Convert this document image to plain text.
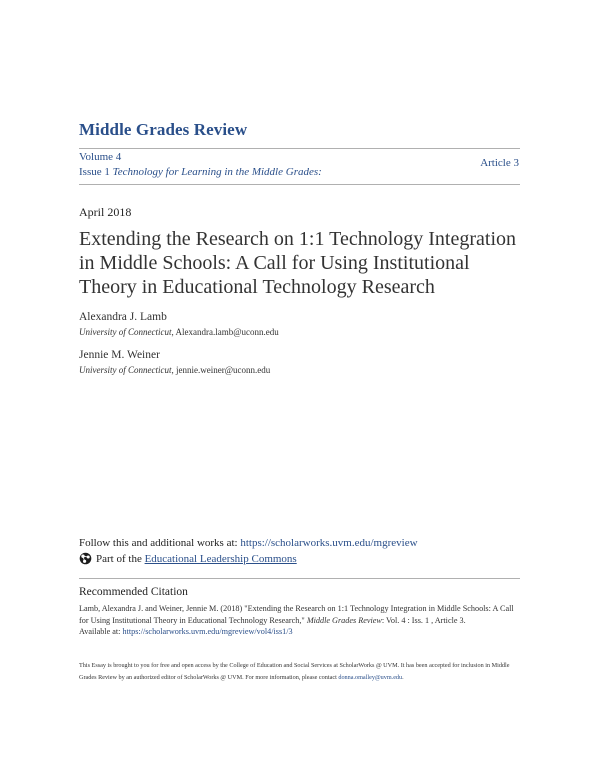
Middle Grades Review
Volume 4
Issue 1 Technology for Learning in the Middle Grades:
Article 3
April 2018
Extending the Research on 1:1 Technology Integration in Middle Schools: A Call for Using Institutional Theory in Educational Technology Research
Alexandra J. Lamb
University of Connecticut, Alexandra.lamb@uconn.edu
Jennie M. Weiner
University of Connecticut, jennie.weiner@uconn.edu
Follow this and additional works at: https://scholarworks.uvm.edu/mgreview
Part of the
Educational Leadership Commons
Recommended Citation
Lamb, Alexandra J. and Weiner, Jennie M. (2018) "Extending the Research on 1:1 Technology Integration in Middle Schools: A Call for Using Institutional Theory in Educational Technology Research," Middle Grades Review: Vol. 4 : Iss. 1 , Article 3.
Available at: https://scholarworks.uvm.edu/mgreview/vol4/iss1/3
This Essay is brought to you for free and open access by the College of Education and Social Services at ScholarWorks @ UVM. It has been accepted for inclusion in Middle Grades Review by an authorized editor of ScholarWorks @ UVM. For more information, please contact donna.omalley@uvm.edu.
